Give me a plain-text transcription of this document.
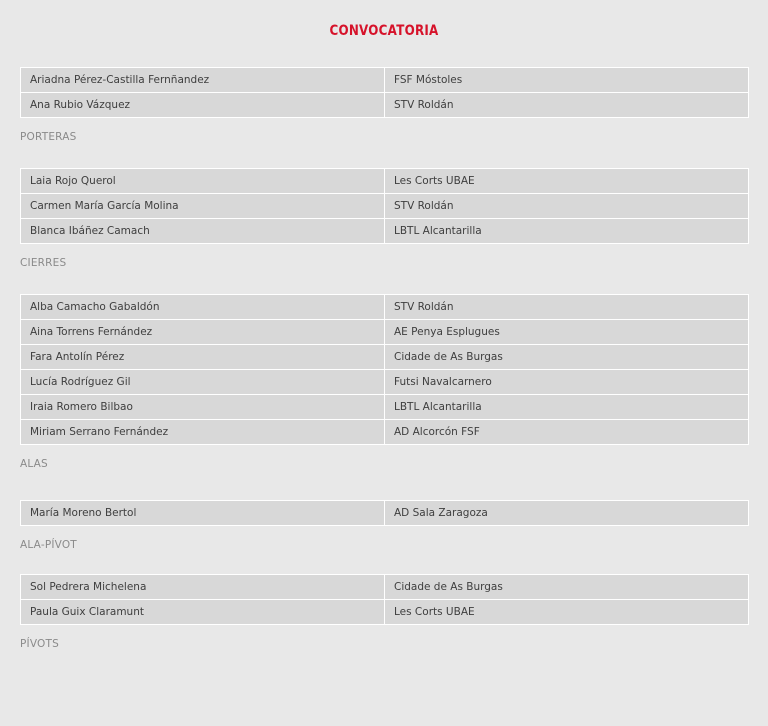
CONVOCATORIA
Ariadna Pérez-Castilla Fernñandez	FSF Móstoles
Ana Rubio Vázquez	STV Roldán
PORTERAS
Laia Rojo Querol	Les Corts UBAE
Carmen María García Molina	STV Roldán
Blanca Ibáñez Camach	LBTL Alcantarilla
CIERRES
Alba Camacho Gabaldón	STV Roldán
Aina Torrens Fernández	AE Penya Esplugues
Fara Antolín Pérez	Cidade de As Burgas
Lucía Rodríguez Gil	Futsi Navalcarnero
Iraia Romero Bilbao	LBTL Alcantarilla
Miriam Serrano Fernández	AD Alcorcón FSF
ALAS
María Moreno Bertol	AD Sala Zaragoza
ALA-PÍVOT
Sol Pedrera Michelena	Cidade de As Burgas
Paula Guix Claramunt	Les Corts UBAE
PÍVOTS
